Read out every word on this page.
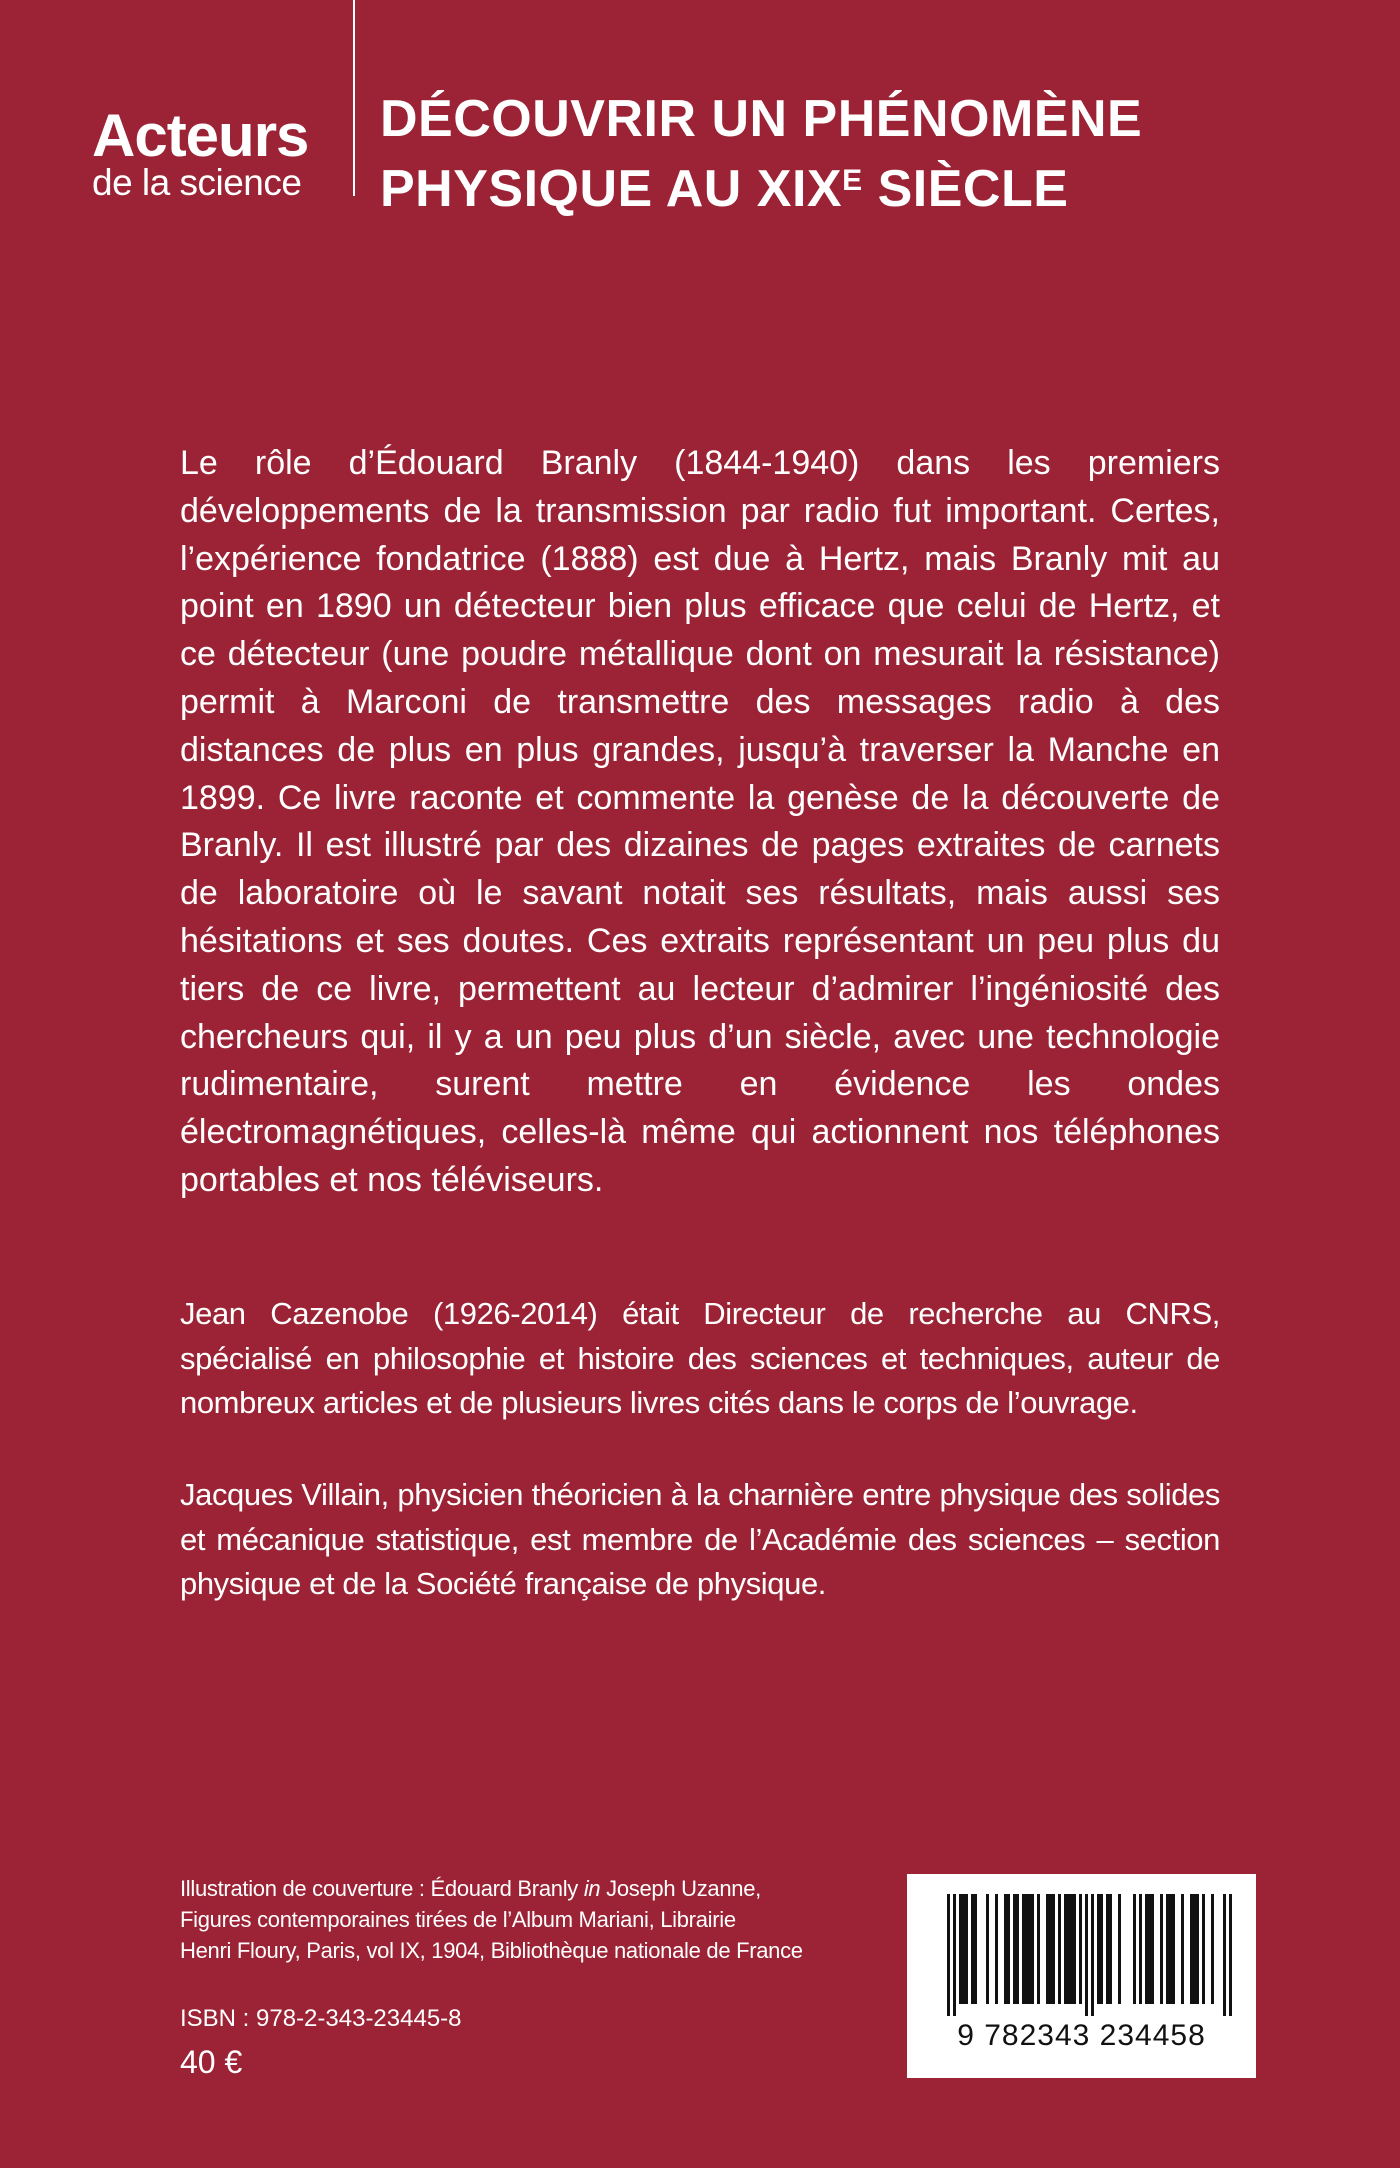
Acteurs
de la science
DÉCOUVRIR UN PHÉNOMÈNE
PHYSIQUE AU $XIX^E$ SIÈCLE

Le rôle d’Édouard Branly (1844-1940) dans les premiers développements de la transmission par radio fut important. Certes, l’expérience fondatrice (1888) est due à Hertz, mais Branly mit au point en 1890 un détecteur bien plus efficace que celui de Hertz, et ce détecteur (une poudre métallique dont on mesurait la résistance) permit à Marconi de transmettre des messages radio à des distances de plus en plus grandes, jusqu’à traverser la Manche en 1899. Ce livre raconte et commente la genèse de la découverte de Branly. Il est illustré par des dizaines de pages extraites de carnets de laboratoire où le savant notait ses résultats, mais aussi ses hésitations et ses doutes. Ces extraits représentant un peu plus du tiers de ce livre, permettent au lecteur d’admirer l’ingéniosité des chercheurs qui, il y a un peu plus d’un siècle, avec une technologie rudimentaire, surent mettre en évidence les ondes électromagnétiques, celles-là même qui actionnent nos téléphones portables et nos téléviseurs.

Jean Cazenobe (1926-2014) était Directeur de recherche au CNRS, spécialisé en philosophie et histoire des sciences et techniques, auteur de nombreux articles et de plusieurs livres cités dans le corps de l’ouvrage.

Jacques Villain, physicien théoricien à la charnière entre physique des solides et mécanique statistique, est membre de l’Académie des sciences – section physique et de la Société française de physique.

Illustration de couverture : Édouard Branly in Joseph Uzanne,

Figures contemporaines tirées de l’Album Mariani, Librairie

Henri Floury, Paris, vol IX, 1904, Bibliothèque nationale de France

ISBN : 978-2-343-23445-8
40 €
9 782343 234458
